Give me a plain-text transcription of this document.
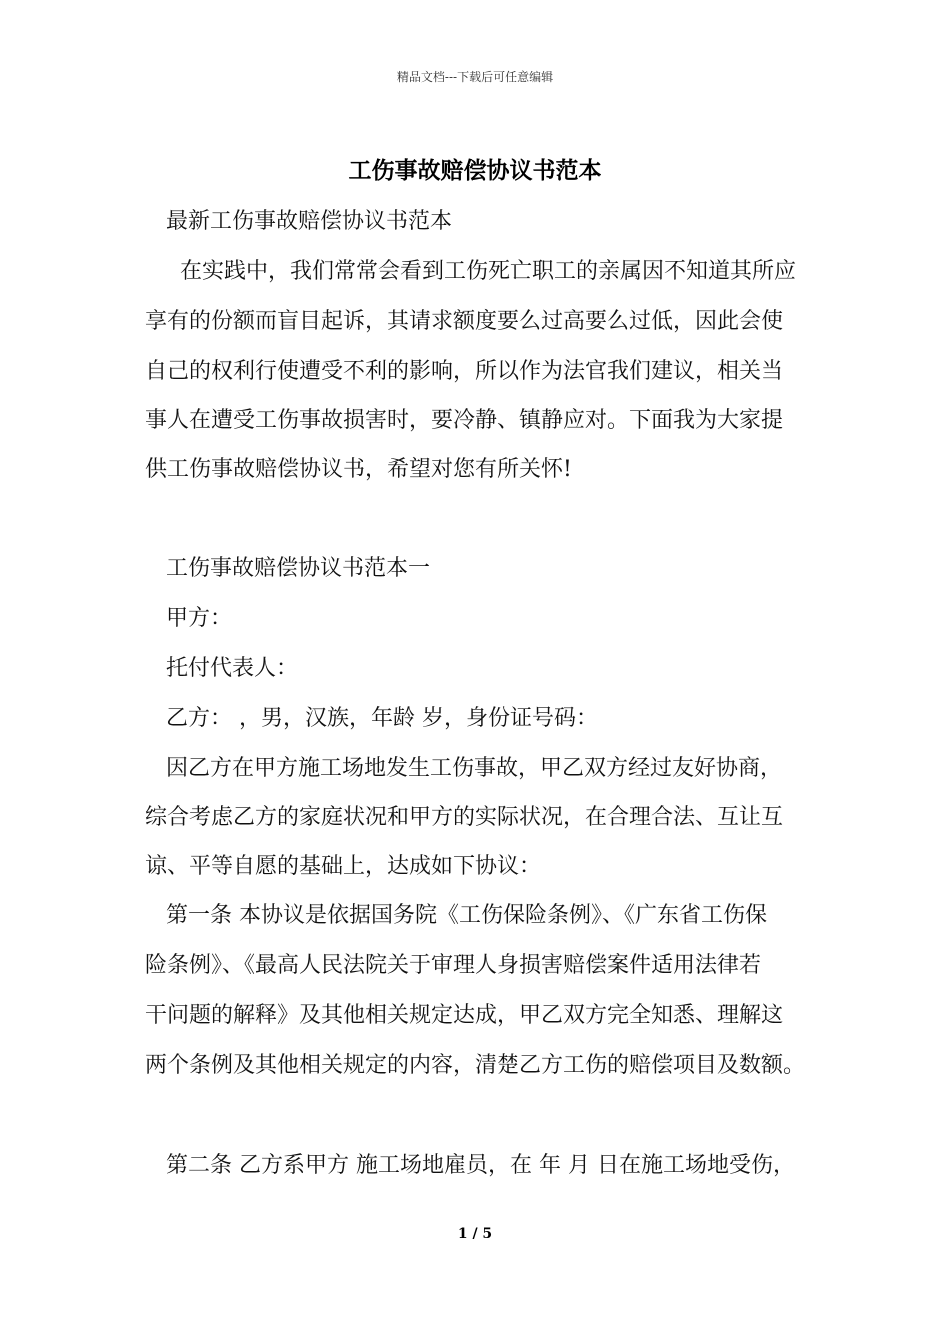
精品文档---下载后可任意编辑
工伤事故赔偿协议书范本
最新工伤事故赔偿协议书范本
在实践中，我们常常会看到工伤死亡职工的亲属因不知道其所应
享有的份额而盲目起诉，其请求额度要么过高要么过低，因此会使
自己的权利行使遭受不利的影响，所以作为法官我们建议，相关当
事人在遭受工伤事故损害时，要冷静、镇静应对。下面我为大家提
供工伤事故赔偿协议书，希望对您有所关怀!
工伤事故赔偿协议书范本一
甲方：
托付代表人：
乙方： ，男，汉族，年龄 岁，身份证号码：
因乙方在甲方施工场地发生工伤事故，甲乙双方经过友好协商，
综合考虑乙方的家庭状况和甲方的实际状况，在合理合法、互让互
谅、平等自愿的基础上，达成如下协议：
第一条 本协议是依据国务院《工伤保险条例》、《广东省工伤保
险条例》、《最高人民法院关于审理人身损害赔偿案件适用法律若
干问题的解释》及其他相关规定达成，甲乙双方完全知悉、理解这
两个条例及其他相关规定的内容，清楚乙方工伤的赔偿项目及数额。
第二条 乙方系甲方 施工场地雇员，在 年 月 日在施工场地受伤，
1 / 5
